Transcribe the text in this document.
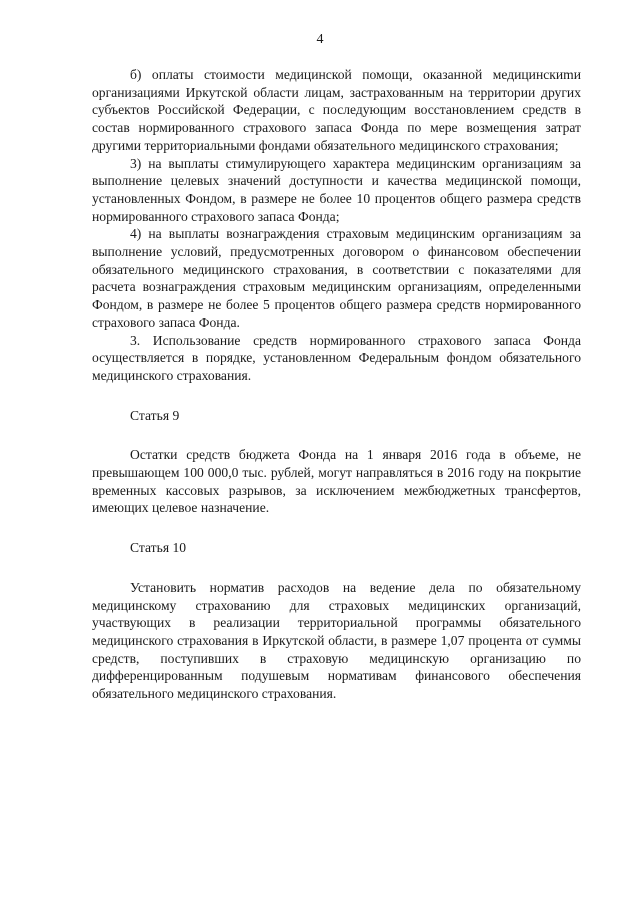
4

б) оплаты стоимости медицинской помощи, оказанной медицинскиmи организациями Иркутской области лицам, застрахованным на территории других субъектов Российской Федерации, с последующим восстановлением средств в состав нормированного страхового запаса Фонда по мере возмещения затрат другими территориальными фондами обязательного медицинского страхования;

3) на выплаты стимулирующего характера медицинским организациям за выполнение целевых значений доступности и качества медицинской помощи, установленных Фондом, в размере не более 10 процентов общего размера средств нормированного страхового запаса Фонда;

4) на выплаты вознаграждения страховым медицинским организациям за выполнение условий, предусмотренных договором о финансовом обеспечении обязательного медицинского страхования, в соответствии с показателями для расчета вознаграждения страховым медицинским организациям, определенными Фондом, в размере не более 5 процентов общего размера средств нормированного страхового запаса Фонда.

3. Использование средств нормированного страхового запаса Фонда осуществляется в порядке, установленном Федеральным фондом обязательного медицинского страхования.

Статья 9

Остатки средств бюджета Фонда на 1 января 2016 года в объеме, не превышающем 100 000,0 тыс. рублей, могут направляться в 2016 году на покрытие временных кассовых разрывов, за исключением межбюджетных трансфертов, имеющих целевое назначение.

Статья 10

Установить норматив расходов на ведение дела по обязательному медицинскому страхованию для страховых медицинских организаций, участвующих в реализации территориальной программы обязательного медицинского страхования в Иркутской области, в размере 1,07 процента от суммы средств, поступивших в страховую медицинскую организацию по дифференцированным подушевым нормативам финансового обеспечения обязательного медицинского страхования.
